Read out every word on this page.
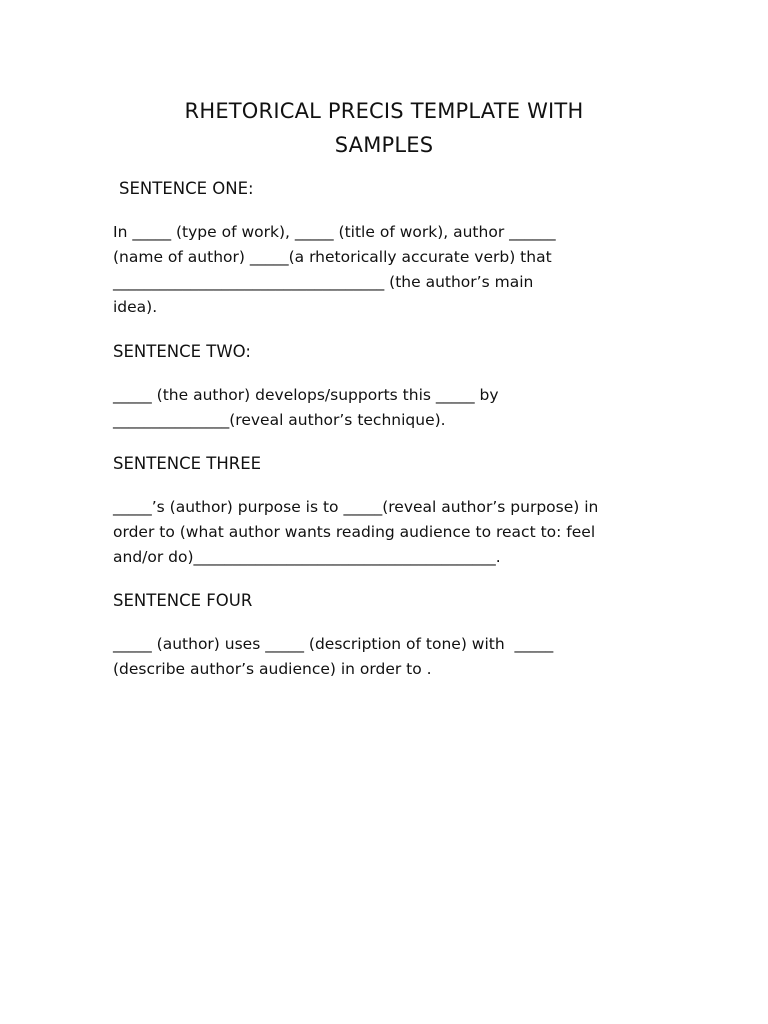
RHETORICAL PRECIS TEMPLATE WITH
SAMPLES
SENTENCE ONE:
In _____ (type of work), _____ (title of work), author ______
(name of author) _____(a rhetorically accurate verb) that
___________________________________ (the author’s main
idea).
SENTENCE TWO:
_____ (the author) develops/supports this _____ by
_______________(reveal author’s technique).
SENTENCE THREE
_____’s (author) purpose is to _____(reveal author’s purpose) in
order to (what author wants reading audience to react to: feel
and/or do)_______________________________________.
SENTENCE FOUR
_____ (author) uses _____ (description of tone) with  _____
(describe author’s audience) in order to .
